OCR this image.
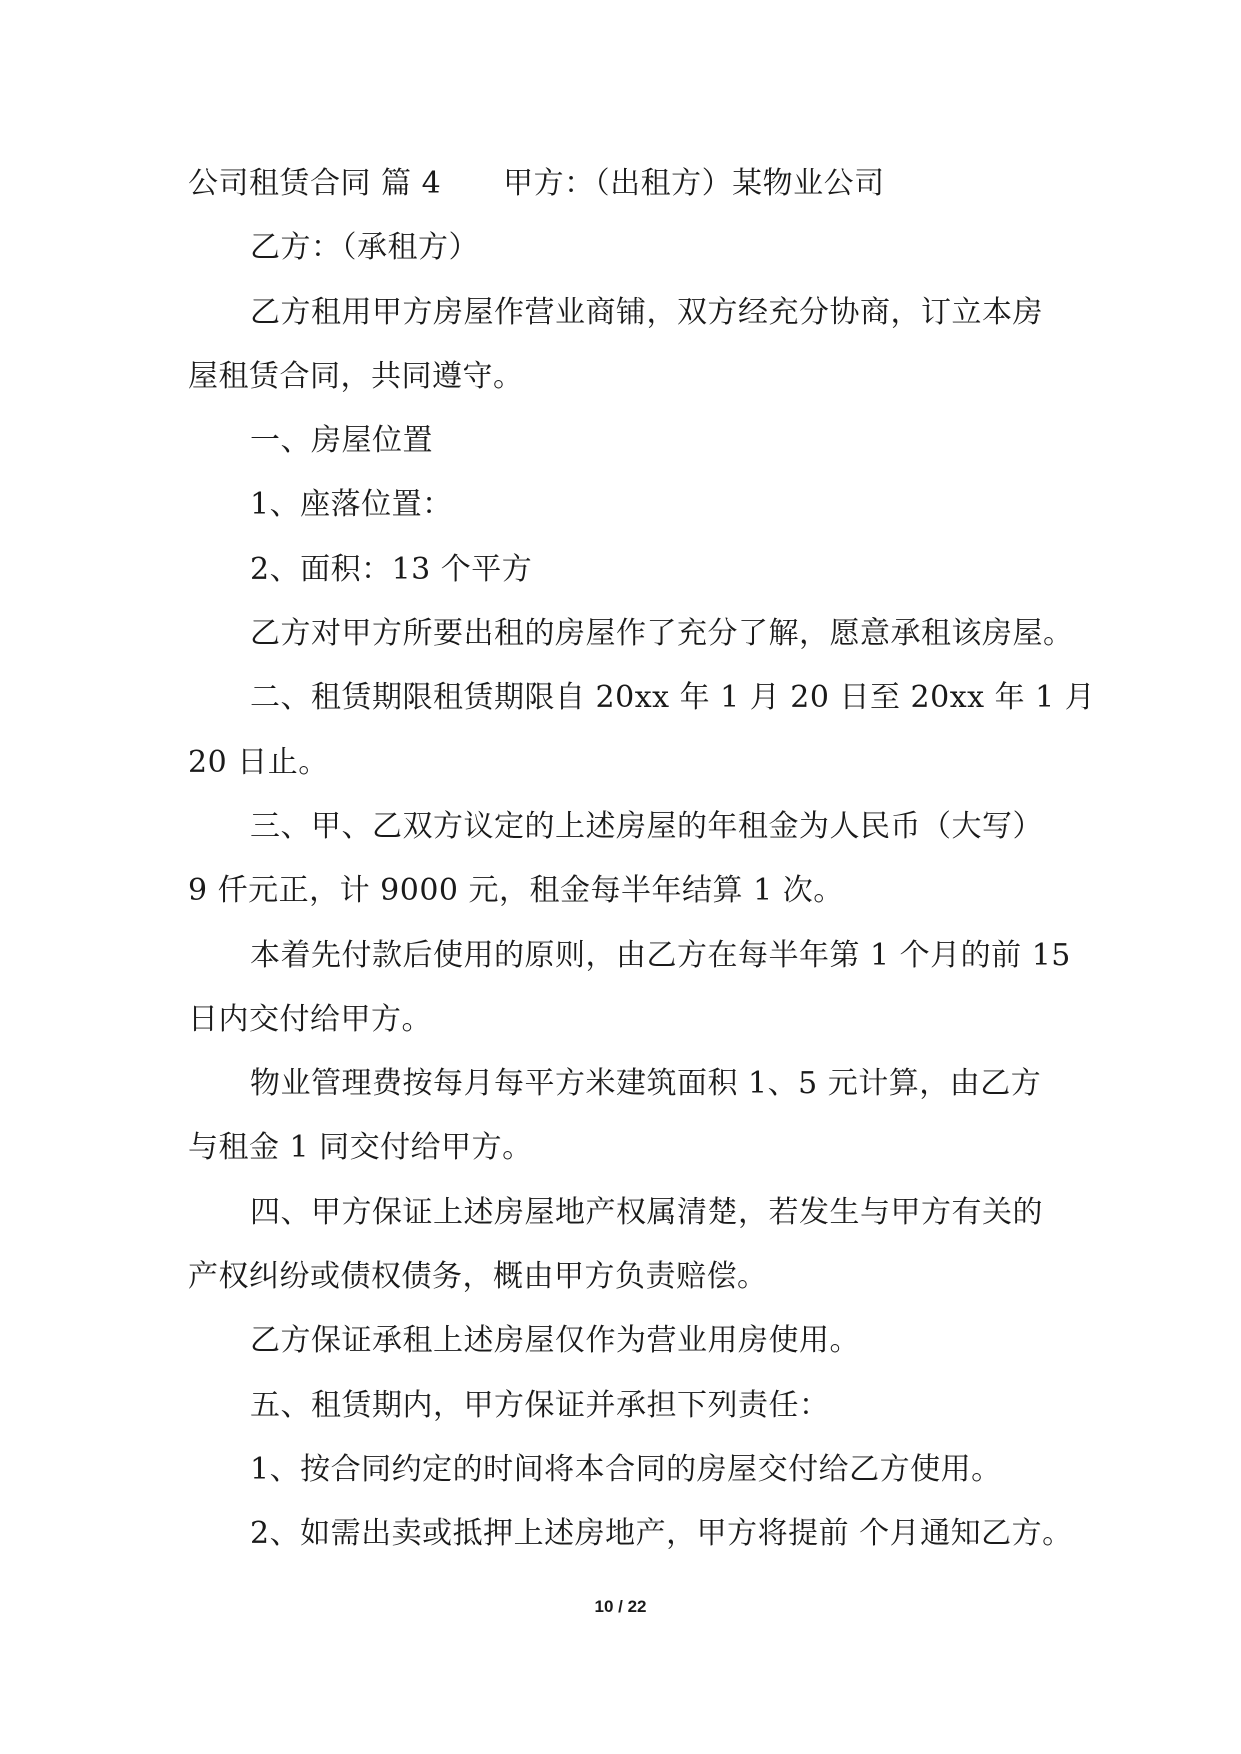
公司租赁合同 篇 4 甲方：（出租方）某物业公司
乙方：（承租方）
乙方租用甲方房屋作营业商铺，双方经充分协商，订立本房
屋租赁合同，共同遵守。
一、房屋位置
1、座落位置：
2、面积：13 个平方
乙方对甲方所要出租的房屋作了充分了解，愿意承租该房屋。
二、租赁期限租赁期限自 20xx 年 1 月 20 日至 20xx 年 1 月
20 日止。
三、甲、乙双方议定的上述房屋的年租金为人民币（大写）
9 仟元正，计 9000 元，租金每半年结算 1 次。
本着先付款后使用的原则，由乙方在每半年第 1 个月的前 15
日内交付给甲方。
物业管理费按每月每平方米建筑面积 1、5 元计算，由乙方
与租金 1 同交付给甲方。
四、甲方保证上述房屋地产权属清楚，若发生与甲方有关的
产权纠纷或债权债务，概由甲方负责赔偿。
乙方保证承租上述房屋仅作为营业用房使用。
五、租赁期内，甲方保证并承担下列责任：
1、按合同约定的时间将本合同的房屋交付给乙方使用。
2、如需出卖或抵押上述房地产，甲方将提前 个月通知乙方。
10 / 22
